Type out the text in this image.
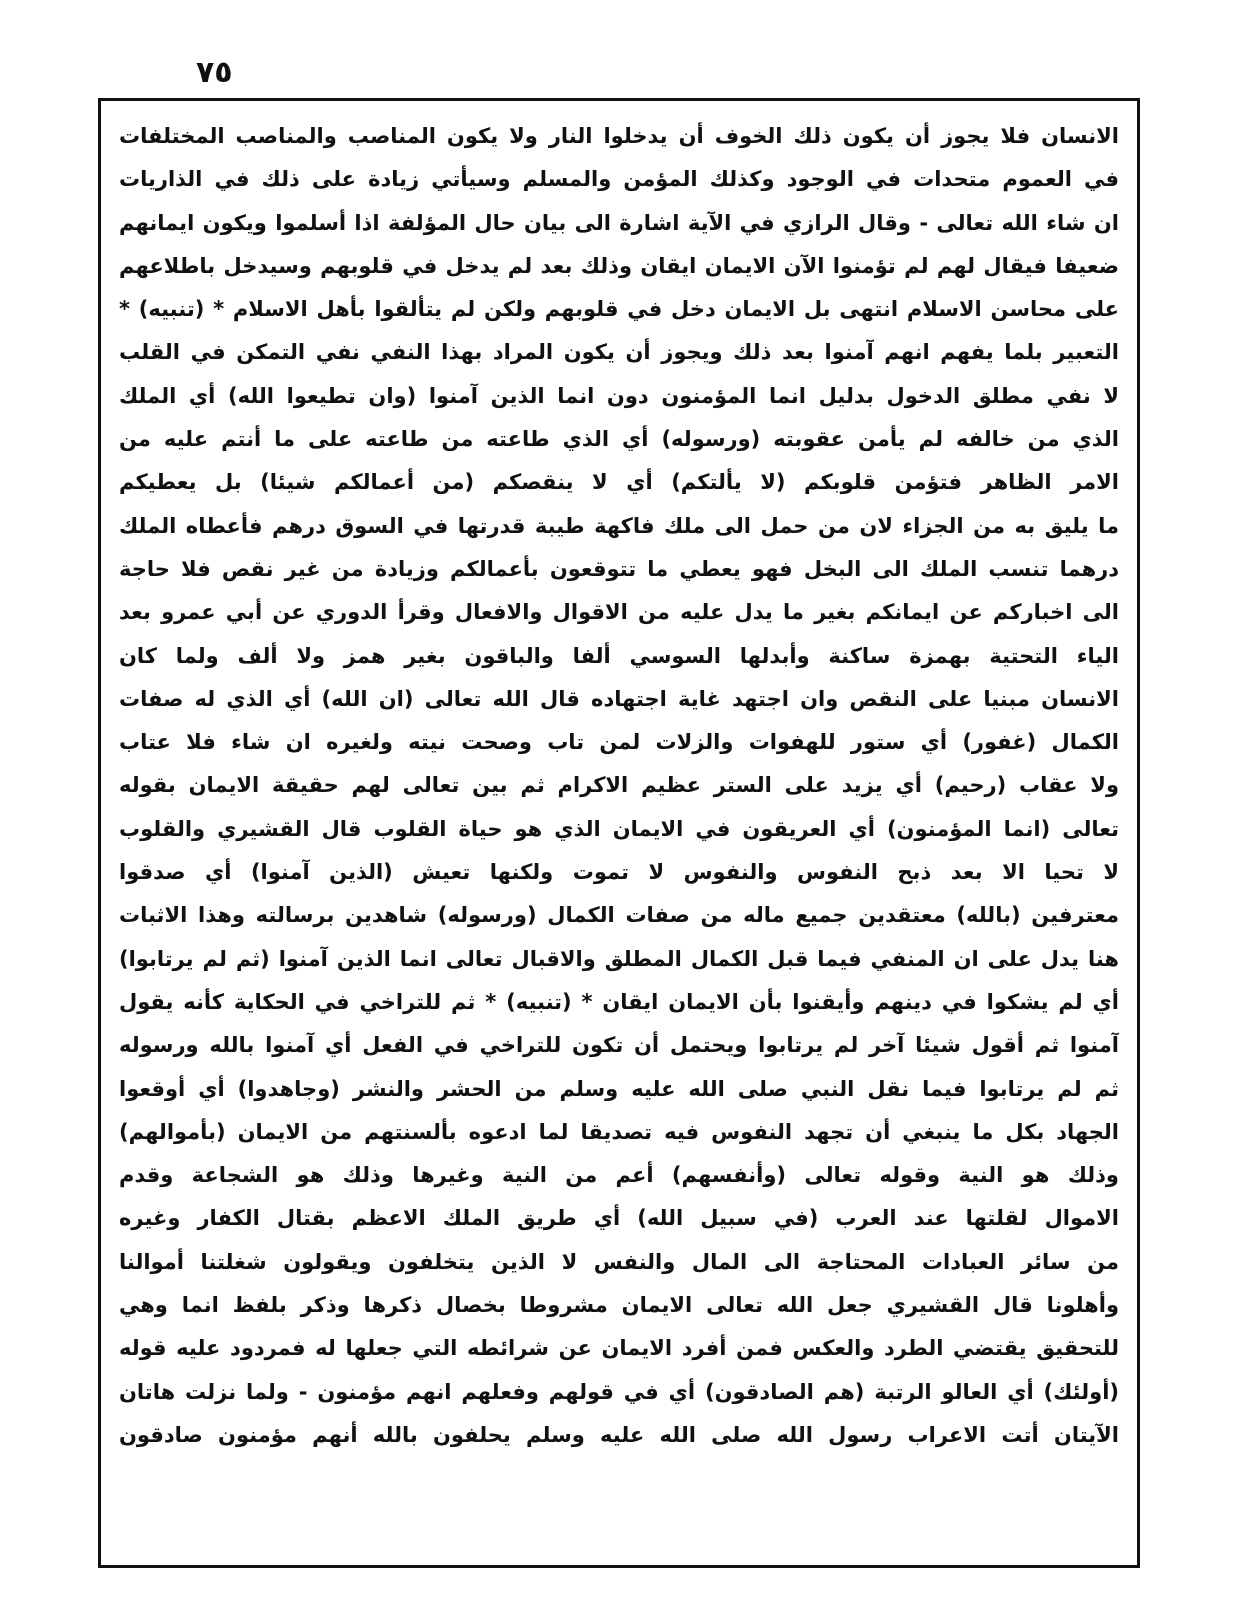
٧٥
الانسان فلا يجوز أن يكون ذلك الخوف أن يدخلوا النار ولا يكون المناصب والمناصب المختلفات
في العموم متحدات في الوجود وكذلك المؤمن والمسلم وسيأتي زيادة على ذلك في الذاريات
ان شاء الله تعالى - وقال الرازي في الآية اشارة الى بيان حال المؤلفة اذا أسلموا ويكون ايمانهم
ضعيفا فيقال لهم لم تؤمنوا الآن الايمان ايقان وذلك بعد لم يدخل في قلوبهم وسيدخل باطلاعهم
على محاسن الاسلام انتهى بل الايمان دخل في قلوبهم ولكن لم يتألقوا بأهل الاسلام * (تنبيه) *
التعبير بلما يفهم انهم آمنوا بعد ذلك ويجوز أن يكون المراد بهذا النفي نفي التمكن في القلب
لا نفي مطلق الدخول بدليل انما المؤمنون دون انما الذين آمنوا (وان تطيعوا الله) أي الملك
الذي من خالفه لم يأمن عقوبته (ورسوله) أي الذي طاعته من طاعته على ما أنتم عليه من
الامر الظاهر فتؤمن قلوبكم (لا يألتكم) أي لا ينقصكم (من أعمالكم شيئا) بل يعطيكم
ما يليق به من الجزاء لان من حمل الى ملك فاكهة طيبة قدرتها في السوق درهم فأعطاه الملك
درهما تنسب الملك الى البخل فهو يعطي ما تتوقعون بأعمالكم وزيادة من غير نقص فلا حاجة
الى اخباركم عن ايمانكم بغير ما يدل عليه من الاقوال والافعال وقرأ الدوري عن أبي عمرو بعد
الياء التحتية بهمزة ساكنة وأبدلها السوسي ألفا والباقون بغير همز ولا ألف ولما كان
الانسان مبنيا على النقص وان اجتهد غاية اجتهاده قال الله تعالى (ان الله) أي الذي له صفات
الكمال (غفور) أي ستور للهفوات والزلات لمن تاب وصحت نيته ولغيره ان شاء فلا عتاب
ولا عقاب (رحيم) أي يزيد على الستر عظيم الاكرام ثم بين تعالى لهم حقيقة الايمان بقوله
تعالى (انما المؤمنون) أي العريقون في الايمان الذي هو حياة القلوب قال القشيري والقلوب
لا تحيا الا بعد ذبح النفوس والنفوس لا تموت ولكنها تعيش (الذين آمنوا) أي صدقوا
معترفين (بالله) معتقدين جميع ماله من صفات الكمال (ورسوله) شاهدين برسالته وهذا الاثبات
هنا يدل على ان المنفي فيما قبل الكمال المطلق والاقبال تعالى انما الذين آمنوا (ثم لم يرتابوا)
أي لم يشكوا في دينهم وأيقنوا بأن الايمان ايقان * (تنبيه) * ثم للتراخي في الحكاية كأنه يقول
آمنوا ثم أقول شيئا آخر لم يرتابوا ويحتمل أن تكون للتراخي في الفعل أي آمنوا بالله ورسوله
ثم لم يرتابوا فيما نقل النبي صلى الله عليه وسلم من الحشر والنشر (وجاهدوا) أي أوقعوا
الجهاد بكل ما ينبغي أن تجهد النفوس فيه تصديقا لما ادعوه بألسنتهم من الايمان (بأموالهم)
وذلك هو النية وقوله تعالى (وأنفسهم) أعم من النية وغيرها وذلك هو الشجاعة وقدم
الاموال لقلتها عند العرب (في سبيل الله) أي طريق الملك الاعظم بقتال الكفار وغيره
من سائر العبادات المحتاجة الى المال والنفس لا الذين يتخلفون ويقولون شغلتنا أموالنا
وأهلونا قال القشيري جعل الله تعالى الايمان مشروطا بخصال ذكرها وذكر بلفظ انما وهي
للتحقيق يقتضي الطرد والعكس فمن أفرد الايمان عن شرائطه التي جعلها له فمردود عليه قوله
(أولئك) أي العالو الرتبة (هم الصادقون) أي في قولهم وفعلهم انهم مؤمنون - ولما نزلت هاتان
الآيتان أتت الاعراب رسول الله صلى الله عليه وسلم يحلفون بالله أنهم مؤمنون صادقون
